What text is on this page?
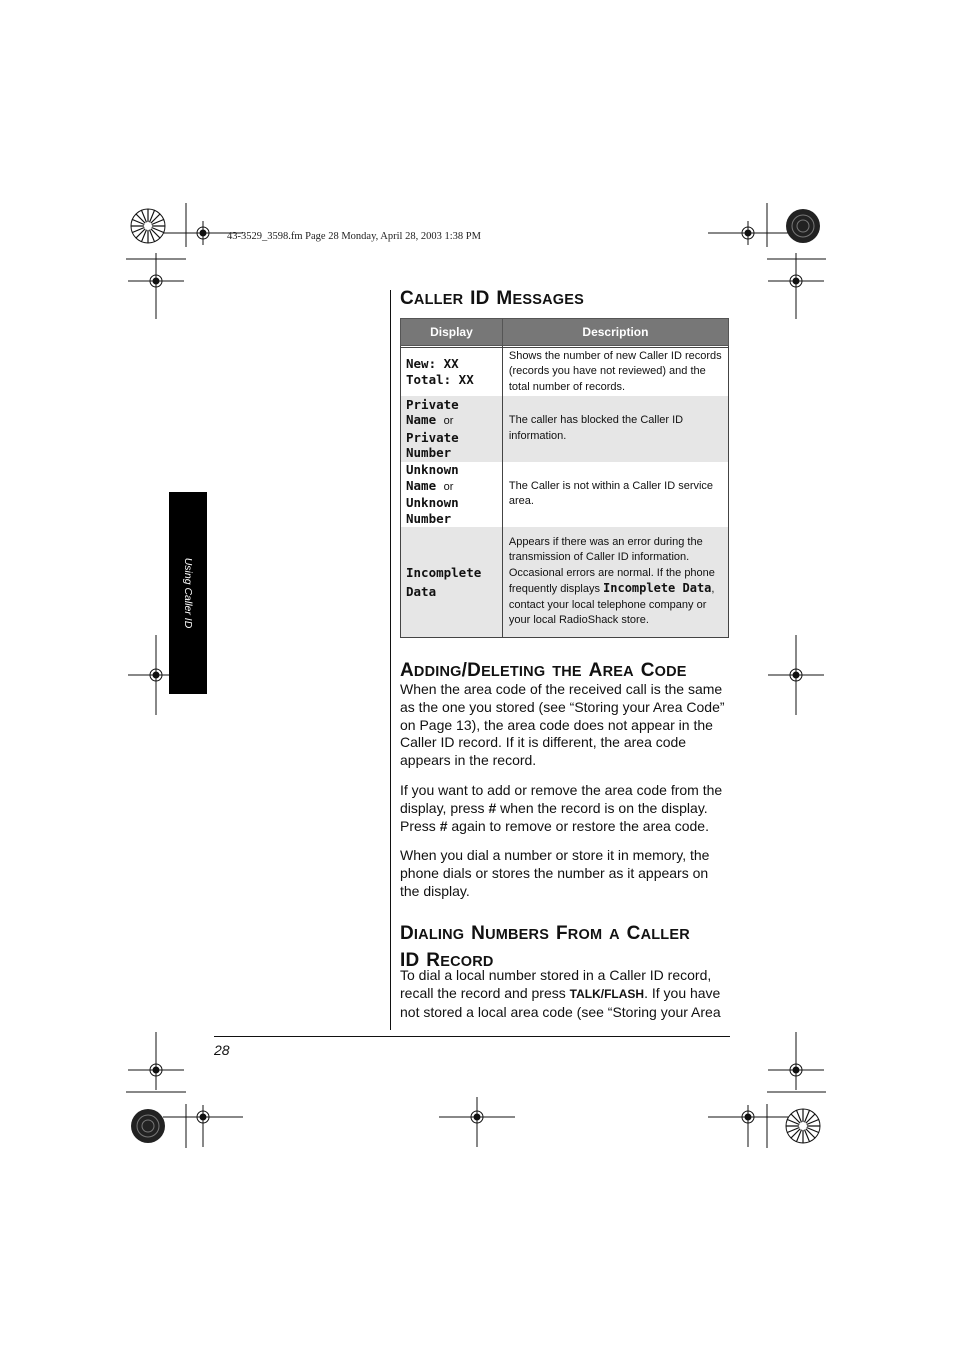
43-3529_3598.fm Page 28 Monday, April 28, 2003 1:38 PM
Using Caller ID
CALLER ID MESSAGES
Display	Description

New: XX
Total: XX	Shows the number of new Caller ID records (records you have not reviewed) and the total number of records.

Private
Name or
Private
Number	The caller has blocked the Caller ID information.

Unknown
Name or
Unknown
Number	The Caller is not within a Caller ID service area.

Incomplete
Data	Appears if there was an error during the transmission of Caller ID information. Occasional errors are normal. If the phone frequently displays Incomplete Data, contact your local telephone company or your local RadioShack store.
ADDING/DELETING THE AREA CODE

When the area code of the received call is the same as the one you stored (see “Storing your Area Code” on Page 13), the area code does not appear in the Caller ID record. If it is different, the area code appears in the record.

If you want to add or remove the area code from the display, press # when the record is on the display. Press # again to remove or restore the area code.

When you dial a number or store it in memory, the phone dials or stores the number as it appears on the display.

DIALING NUMBERS FROM A CALLER
ID RECORD

To dial a local number stored in a Caller ID record, recall the record and press TALK/FLASH. If you have not stored a local area code (see “Storing your Area

28
